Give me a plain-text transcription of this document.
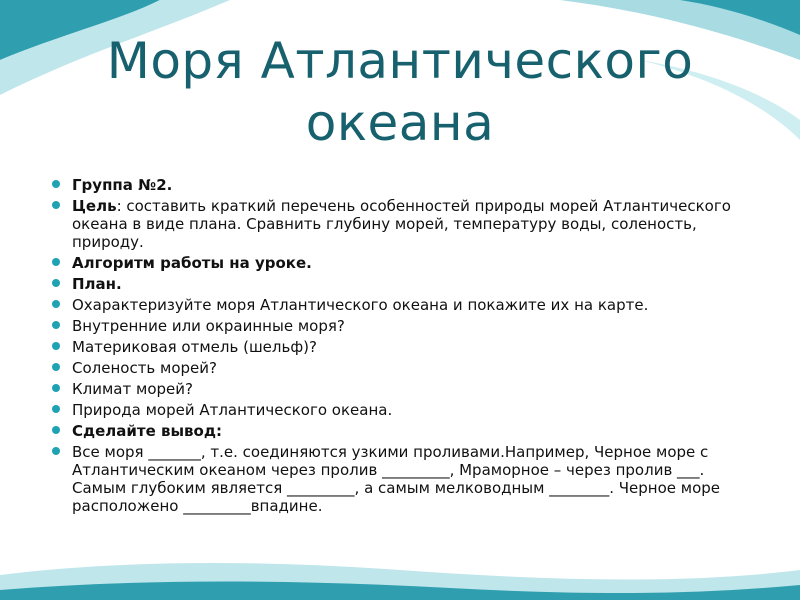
Моря Атлантического
океана
Группа №2.
Цель: составить краткий перечень особенностей природы морей Атлантического океана в виде плана. Сравнить глубину морей, температуру воды, соленость, природу.
Алгоритм работы на уроке.
План.
Охарактеризуйте моря Атлантического океана и покажите их на карте.
Внутренние или окраинные моря?
Материковая отмель (шельф)?
Соленость морей?
Климат морей?
Природа морей Атлантического океана.
Сделайте вывод:
Все моря _______, т.е. соединяются узкими проливами.Например, Черное море с Атлантическим океаном через пролив _________, Мраморное – через пролив ___. Самым глубоким является _________, а самым мелководным ________. Черное море расположено _________впадине.
